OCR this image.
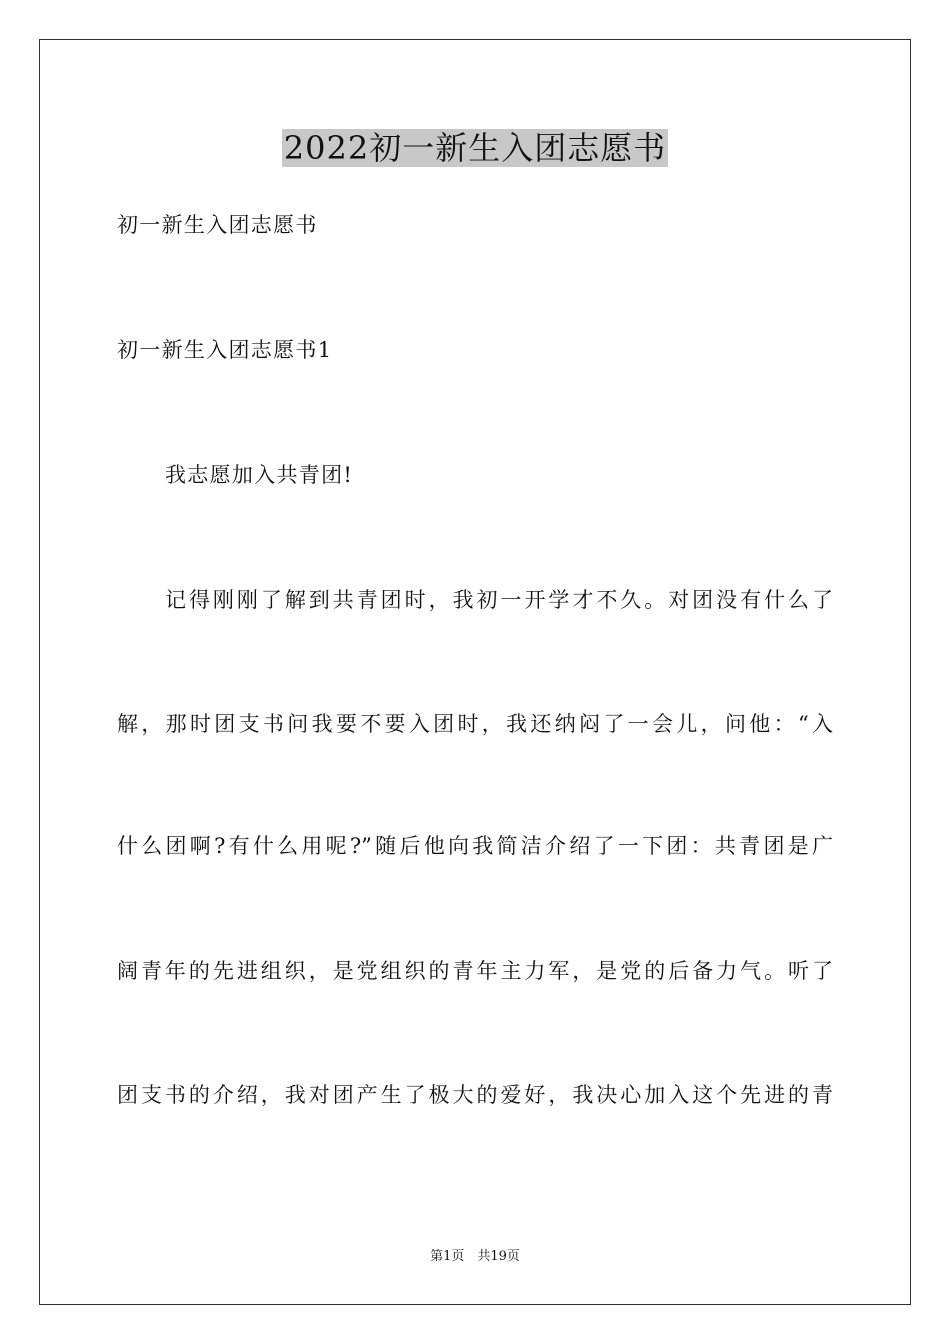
2022初一新生入团志愿书
初一新生入团志愿书
初一新生入团志愿书1
我志愿加入共青团!
记得刚刚了解到共青团时，我初一开学才不久。对团没有什么了
解，那时团支书问我要不要入团时，我还纳闷了一会儿，问他：“入
什么团啊?有什么用呢?”随后他向我简洁介绍了一下团：共青团是广
阔青年的先进组织，是党组织的青年主力军，是党的后备力气。听了
团支书的介绍，我对团产生了极大的爱好，我决心加入这个先进的青
第1页　共19页
